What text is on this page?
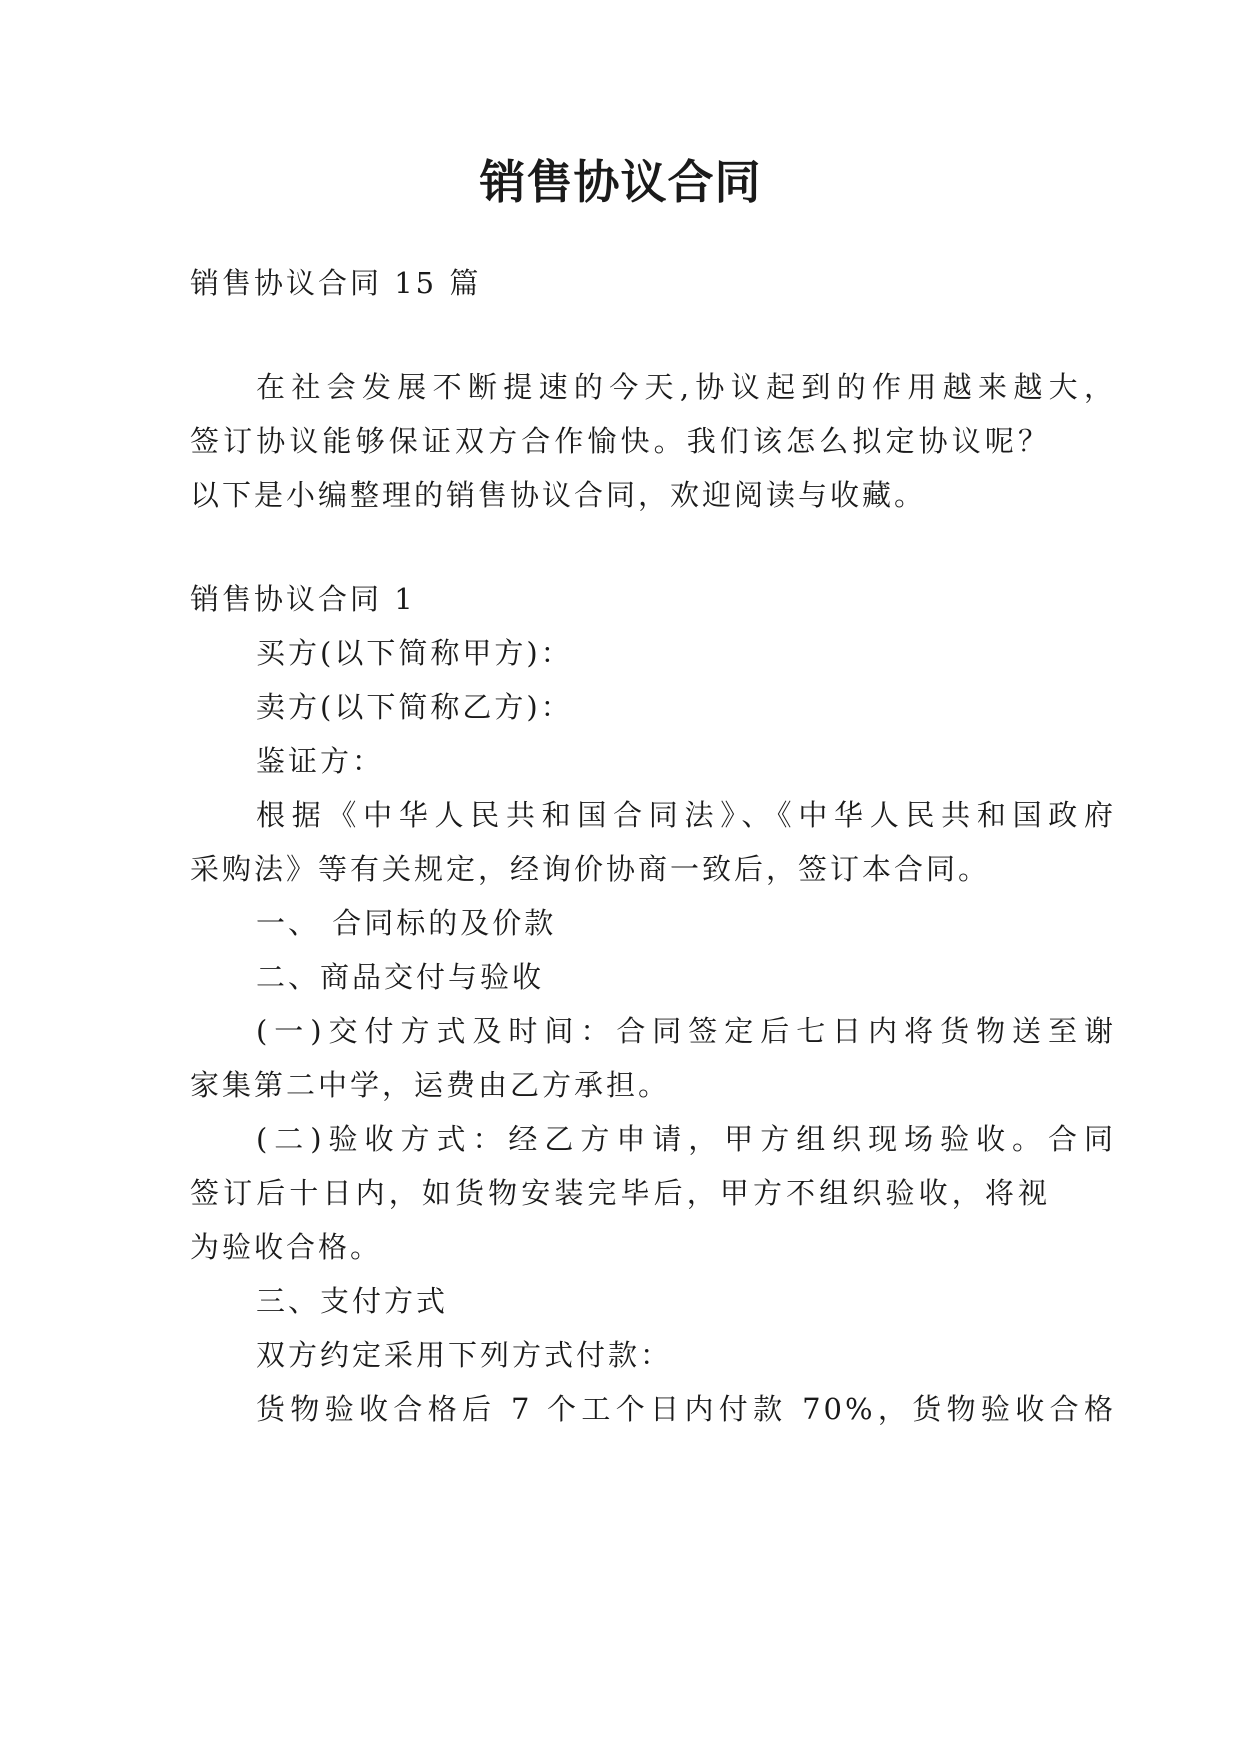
销售协议合同
销售协议合同 15 篇
在社会发展不断提速的今天,协议起到的作用越来越大，
签订协议能够保证双方合作愉快。我们该怎么拟定协议呢？
以下是小编整理的销售协议合同，欢迎阅读与收藏。
销售协议合同 1
买方(以下简称甲方)：
卖方(以下简称乙方)：
鉴证方：
根据《中华人民共和国合同法》、《中华人民共和国政府
采购法》等有关规定，经询价协商一致后，签订本合同。
一、 合同标的及价款
二、商品交付与验收
(一)交付方式及时间：合同签定后七日内将货物送至谢
家集第二中学，运费由乙方承担。
(二)验收方式：经乙方申请，甲方组织现场验收。合同
签订后十日内，如货物安装完毕后，甲方不组织验收，将视
为验收合格。
三、支付方式
双方约定采用下列方式付款：
货物验收合格后 7 个工个日内付款 70%，货物验收合格
